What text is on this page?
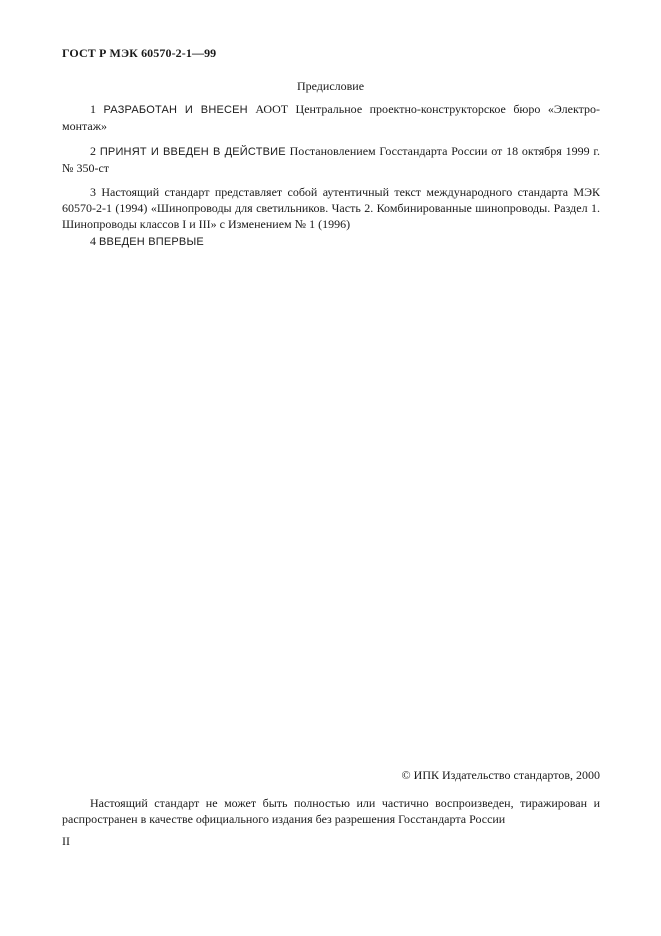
ГОСТ Р МЭК 60570-2-1—99
Предисловие
1 РАЗРАБОТАН И ВНЕСЕН АООТ Центральное проектно-конструкторское бюро «Электро-монтаж»
2 ПРИНЯТ И ВВЕДЕН В ДЕЙСТВИЕ Постановлением Госстандарта России от 18 октября 1999 г. № 350-ст
3 Настоящий стандарт представляет собой аутентичный текст международного стандарта МЭК 60570-2-1 (1994) «Шинопроводы для светильников. Часть 2. Комбинированные шинопроводы. Раздел 1. Шинопроводы классов I и III» с Изменением № 1 (1996)
4 ВВЕДЕН ВПЕРВЫЕ
© ИПК Издательство стандартов, 2000
Настоящий стандарт не может быть полностью или частично воспроизведен, тиражирован и распространен в качестве официального издания без разрешения Госстандарта России
II
